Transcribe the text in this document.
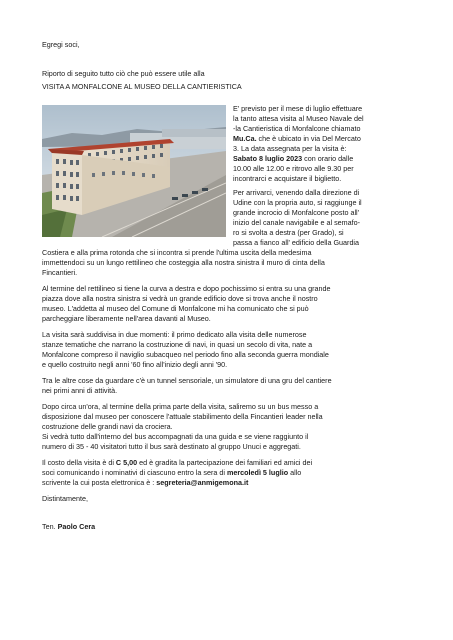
Egregi soci,

Riporto di seguito tutto ciò che può essere utile alla

VISITA A MONFALCONE AL MUSEO DELLA CANTIERISTICA

E' previsto per il mese di luglio effettuare

la tanto attesa visita al Museo Navale del

-la Cantieristica di Monfalcone chiamato

Mu.Ca. che è ubicato in via Del Mercato

3. La data assegnata per la visita è:

Sabato 8 luglio 2023 con orario dalle

10.00 alle 12.00 e ritrovo alle 9.30 per

incontrarci e acquistare il biglietto.

Per arrivarci, venendo dalla direzione di

Udine con la propria auto, si raggiunge il

grande incrocio di Monfalcone posto all'

inizio del canale navigabile e al semafo-

ro si svolta a destra (per Grado), si

passa a fianco all' edificio della Guardia

Costiera e alla prima rotonda che si incontra si prende l'ultima uscita della medesima

immettendoci su un lungo rettilineo che costeggia alla nostra sinistra il muro di cinta della

Fincantieri.

Al termine del rettilineo si tiene la curva a destra e dopo pochissimo si entra su una grande

piazza dove alla nostra sinistra si vedrà un grande edificio dove si trova anche il nostro

museo. L'addetta al museo del Comune di Monfalcone mi ha comunicato che si può

parcheggiare liberamente nell'area davanti al Museo.

La visita sarà suddivisa in due momenti: il primo dedicato alla visita delle numerose

stanze tematiche che narrano la costruzione di navi, in quasi un secolo di vita, nate a

Monfalcone compreso il naviglio subacqueo nel periodo fino alla seconda guerra mondiale

e quello costruito negli anni '60 fino all'inizio degli anni '90.

Tra le altre cose da guardare c'è un tunnel sensoriale, un simulatore di una gru del cantiere

nei primi anni di attività.

Dopo circa un'ora, al termine della prima parte della visita, saliremo su un bus messo a

disposizione dal museo per conoscere l'attuale stabilimento della Fincantieri leader nella

costruzione delle grandi navi da crociera.

Si vedrà tutto dall'interno del bus accompagnati da una guida e se viene raggiunto il

numero di 35 - 40 visitatori tutto il bus sarà destinato al gruppo Unuci e aggregati.

Il costo della visita è di C 5,00 ed è gradita la partecipazione dei familiari ed amici dei

soci comunicando i nominativi di ciascuno entro la sera di mercoledì 5 luglio allo

scrivente la cui posta elettronica è : segreteria@anmigemona.it

Distintamente,

Ten. Paolo Cera
